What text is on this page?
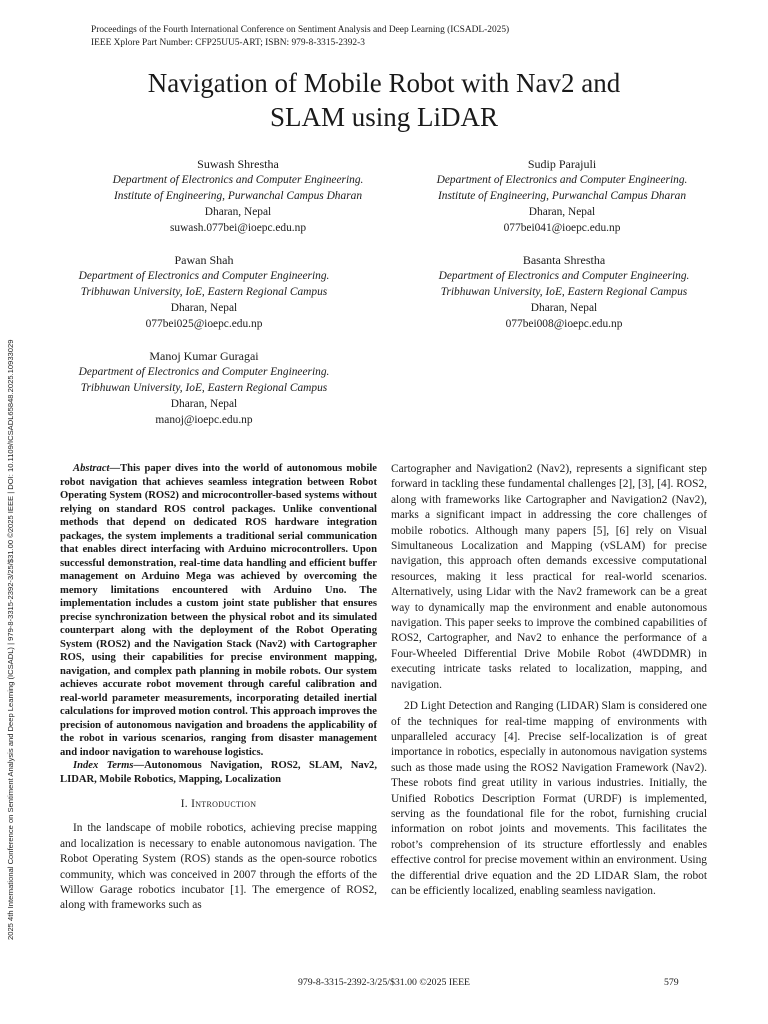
Proceedings of the Fourth International Conference on Sentiment Analysis and Deep Learning (ICSADL-2025)
IEEE Xplore Part Number: CFP25UU5-ART; ISBN: 979-8-3315-2392-3
Navigation of Mobile Robot with Nav2 and
SLAM using LiDAR
Suwash Shrestha
Department of Electronics and Computer Engineering.
Institute of Engineering, Purwanchal Campus Dharan
Dharan, Nepal
suwash.077bei@ioepc.edu.np
Sudip Parajuli
Department of Electronics and Computer Engineering.
Institute of Engineering, Purwanchal Campus Dharan
Dharan, Nepal
077bei041@ioepc.edu.np
Pawan Shah
Department of Electronics and Computer Engineering.
Tribhuwan University, IoE, Eastern Regional Campus
Dharan, Nepal
077bei025@ioepc.edu.np
Basanta Shrestha
Department of Electronics and Computer Engineering.
Tribhuwan University, IoE, Eastern Regional Campus
Dharan, Nepal
077bei008@ioepc.edu.np
Manoj Kumar Guragai
Department of Electronics and Computer Engineering.
Tribhuwan University, IoE, Eastern Regional Campus
Dharan, Nepal
manoj@ioepc.edu.np
2025 4th International Conference on Sentiment Analysis and Deep Learning (ICSADL) | 979-8-3315-2392-3/25/$31.00 ©2025 IEEE | DOI: 10.1109/ICSADL65848.2025.10933029	Abstract—This paper dives into the world of autonomous mobile robot navigation that achieves seamless integration between Robot Operating System (ROS2) and microcontroller-based systems without relying on standard ROS control packages. Unlike conventional methods that depend on dedicated ROS hardware integration packages, the system implements a traditional serial communication that enables direct interfacing with Arduino microcontrollers. Upon successful demonstration, real-time data handling and efficient buffer management on Arduino Mega was achieved by overcoming the memory limitations encountered with Arduino Uno. The implementation includes a custom joint state publisher that ensures precise synchronization between the physical robot and its simulated counterpart along with the deployment of the Robot Operating System (ROS2) and the Navigation Stack (Nav2) with Cartographer ROS, using their capabilities for precise environment mapping, navigation, and complex path planning in mobile robots. Our system achieves accurate robot movement through careful calibration and real-world parameter measurements, incorporating detailed inertial calculations for improved motion control. This approach improves the precision of autonomous navigation and broadens the applicability of the robot in various scenarios, ranging from disaster management and indoor navigation to warehouse logistics.

Index Terms—Autonomous Navigation, ROS2, SLAM, Nav2, LIDAR, Mobile Robotics, Mapping, Localization

I. Introduction

In the landscape of mobile robotics, achieving precise mapping and localization is necessary to enable autonomous navigation. The Robot Operating System (ROS) stands as the open-source robotics community, which was conceived in 2007 through the efforts of the Willow Garage robotics incubator [1]. The emergence of ROS2, along with frameworks such as

Cartographer and Navigation2 (Nav2), represents a significant step forward in tackling these fundamental challenges [2], [3], [4]. ROS2, along with frameworks like Cartographer and Navigation2 (Nav2), marks a significant impact in addressing the core challenges of mobile robotics. Although many papers [5], [6] rely on Visual Simultaneous Localization and Mapping (vSLAM) for precise navigation, this approach often demands excessive computational resources, making it less practical for real-world scenarios. Alternatively, using Lidar with the Nav2 framework can be a great way to dynamically map the environment and enable autonomous navigation. This paper seeks to improve the combined capabilities of ROS2, Cartographer, and Nav2 to enhance the performance of a Four-Wheeled Differential Drive Mobile Robot (4WDDMR) in executing intricate tasks related to localization, mapping, and navigation.

2D Light Detection and Ranging (LIDAR) Slam is considered one of the techniques for real-time mapping of environments with unparalleled accuracy [4]. Precise self-localization is of great importance in robotics, especially in autonomous navigation systems such as those made using the ROS2 Navigation Framework (Nav2). These robots find great utility in various industries. Initially, the Unified Robotics Description Format (URDF) is implemented, serving as the foundational file for the robot, furnishing crucial information on robot joints and movements. This facilitates the robot’s comprehension of its structure effortlessly and enables effective control for precise movement within an environment. Using the differential drive equation and the 2D LIDAR Slam, the robot can be efficiently localized, enabling seamless navigation.

979-8-3315-2392-3/25/$31.00 ©2025 IEEE	579
